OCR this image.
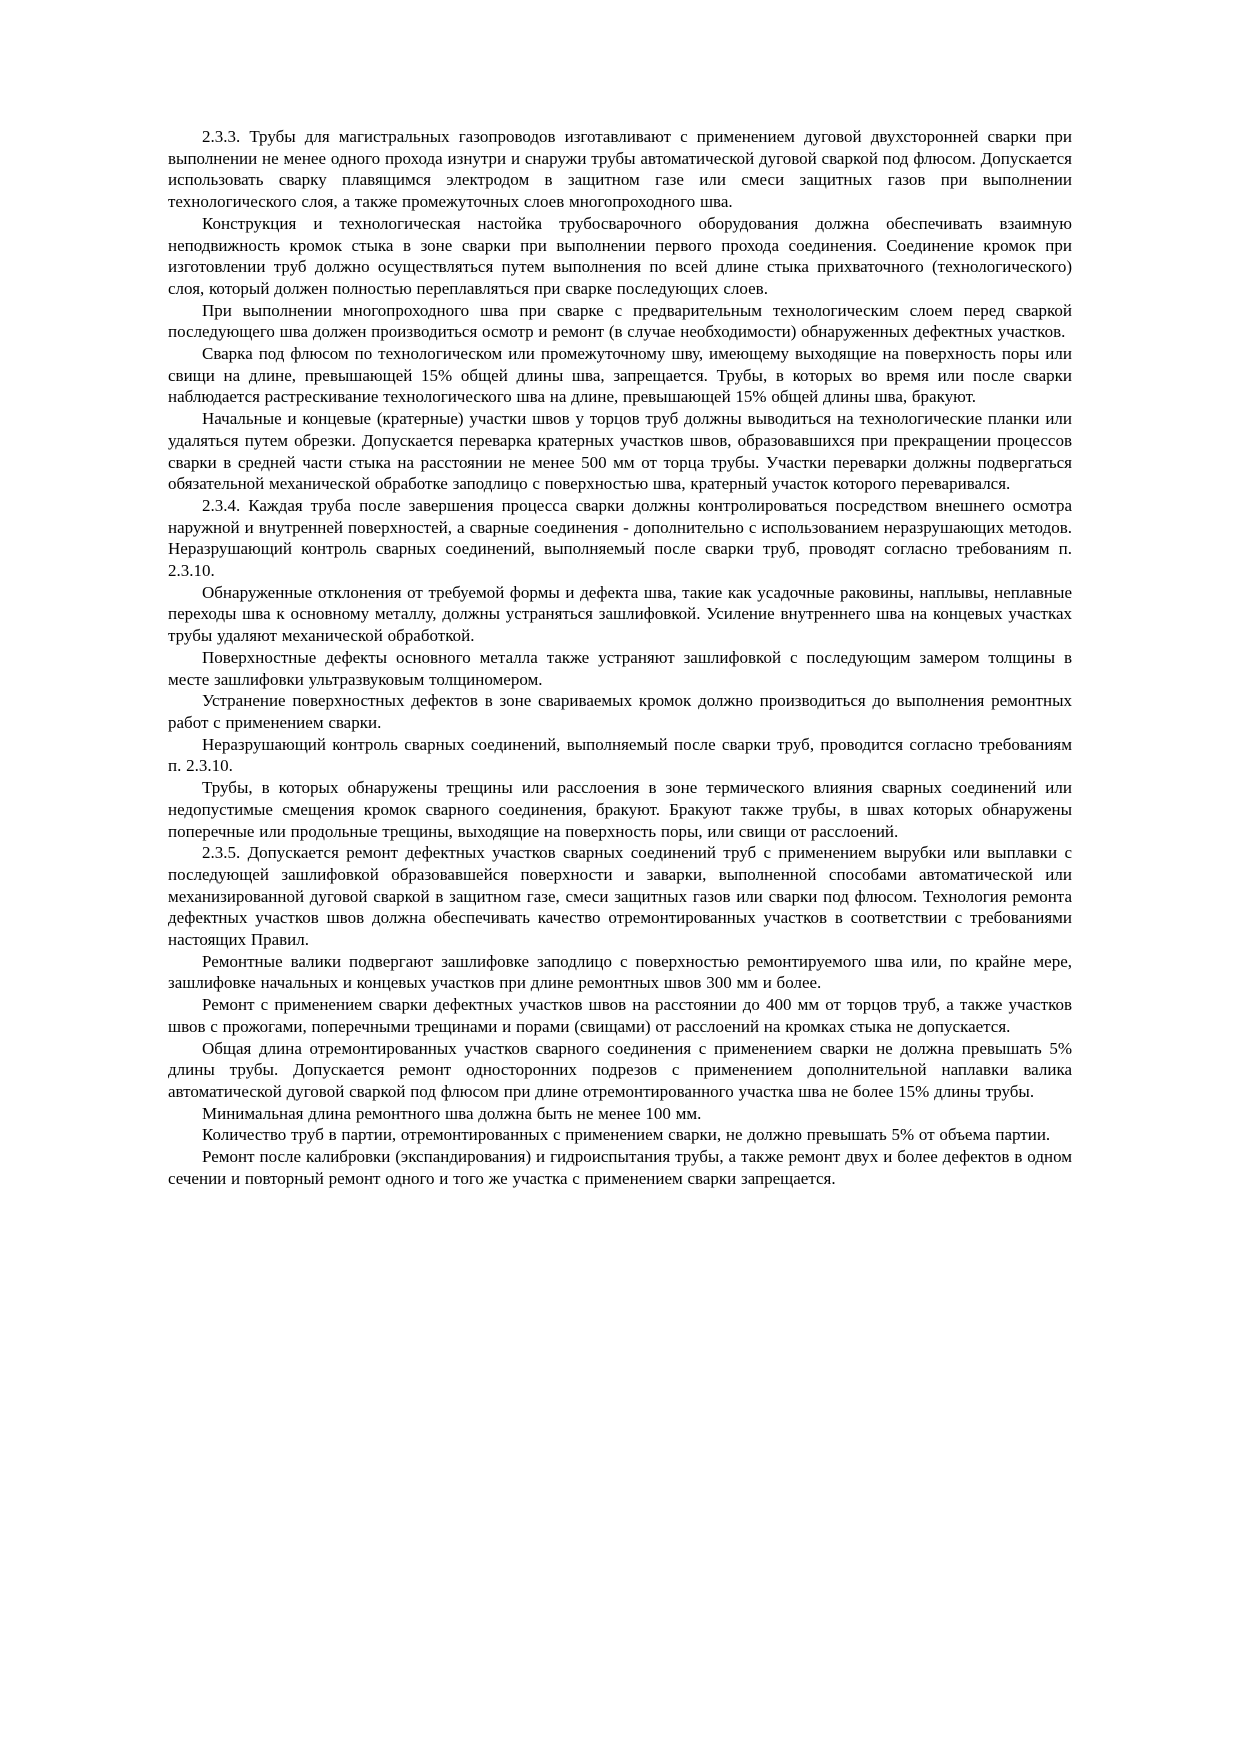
2.3.3. Трубы для магистральных газопроводов изготавливают с применением дуговой двухсторонней сварки при выполнении не менее одного прохода изнутри и снаружи трубы автоматической дуговой сваркой под флюсом. Допускается использовать сварку плавящимся электродом в защитном газе или смеси защитных газов при выполнении технологического слоя, а также промежуточных слоев многопроходного шва.

Конструкция и технологическая настойка трубосварочного оборудования должна обеспечивать взаимную неподвижность кромок стыка в зоне сварки при выполнении первого прохода соединения. Соединение кромок при изготовлении труб должно осуществляться путем выполнения по всей длине стыка прихваточного (технологического) слоя, который должен полностью переплавляться при сварке последующих слоев.

При выполнении многопроходного шва при сварке с предварительным технологическим слоем перед сваркой последующего шва должен производиться осмотр и ремонт (в случае необходимости) обнаруженных дефектных участков.

Сварка под флюсом по технологическом или промежуточному шву, имеющему выходящие на поверхность поры или свищи на длине, превышающей 15% общей длины шва, запрещается. Трубы, в которых во время или после сварки наблюдается растрескивание технологического шва на длине, превышающей 15% общей длины шва, бракуют.

Начальные и концевые (кратерные) участки швов у торцов труб должны выводиться на технологические планки или удаляться путем обрезки. Допускается переварка кратерных участков швов, образовавшихся при прекращении процессов сварки в средней части стыка на расстоянии не менее 500 мм от торца трубы. Участки переварки должны подвергаться обязательной механической обработке заподлицо с поверхностью шва, кратерный участок которого переваривался.

2.3.4. Каждая труба после завершения процесса сварки должны контролироваться посредством внешнего осмотра наружной и внутренней поверхностей, а сварные соединения - дополнительно с использованием неразрушающих методов. Неразрушающий контроль сварных соединений, выполняемый после сварки труб, проводят согласно требованиям п. 2.3.10.

Обнаруженные отклонения от требуемой формы и дефекта шва, такие как усадочные раковины, наплывы, неплавные переходы шва к основному металлу, должны устраняться зашлифовкой. Усиление внутреннего шва на концевых участках трубы удаляют механической обработкой.

Поверхностные дефекты основного металла также устраняют зашлифовкой с последующим замером толщины в месте зашлифовки ультразвуковым толщиномером.

Устранение поверхностных дефектов в зоне свариваемых кромок должно производиться до выполнения ремонтных работ с применением сварки.

Неразрушающий контроль сварных соединений, выполняемый после сварки труб, проводится согласно требованиям п. 2.3.10.

Трубы, в которых обнаружены трещины или расслоения в зоне термического влияния сварных соединений или недопустимые смещения кромок сварного соединения, бракуют. Бракуют также трубы, в швах которых обнаружены поперечные или продольные трещины, выходящие на поверхность поры, или свищи от расслоений.

2.3.5. Допускается ремонт дефектных участков сварных соединений труб с применением вырубки или выплавки с последующей зашлифовкой образовавшейся поверхности и заварки, выполненной способами автоматической или механизированной дуговой сваркой в защитном газе, смеси защитных газов или сварки под флюсом. Технология ремонта дефектных участков швов должна обеспечивать качество отремонтированных участков в соответствии с требованиями настоящих Правил.

Ремонтные валики подвергают зашлифовке заподлицо с поверхностью ремонтируемого шва или, по крайне мере, зашлифовке начальных и концевых участков при длине ремонтных швов 300 мм и более.

Ремонт с применением сварки дефектных участков швов на расстоянии до 400 мм от торцов труб, а также участков швов с прожогами, поперечными трещинами и порами (свищами) от расслоений на кромках стыка не допускается.

Общая длина отремонтированных участков сварного соединения с применением сварки не должна превышать 5% длины трубы. Допускается ремонт односторонних подрезов с применением дополнительной наплавки валика автоматической дуговой сваркой под флюсом при длине отремонтированного участка шва не более 15% длины трубы.

Минимальная длина ремонтного шва должна быть не менее 100 мм.

Количество труб в партии, отремонтированных с применением сварки, не должно превышать 5% от объема партии.

Ремонт после калибровки (экспандирования) и гидроиспытания трубы, а также ремонт двух и более дефектов в одном сечении и повторный ремонт одного и того же участка с применением сварки запрещается.
